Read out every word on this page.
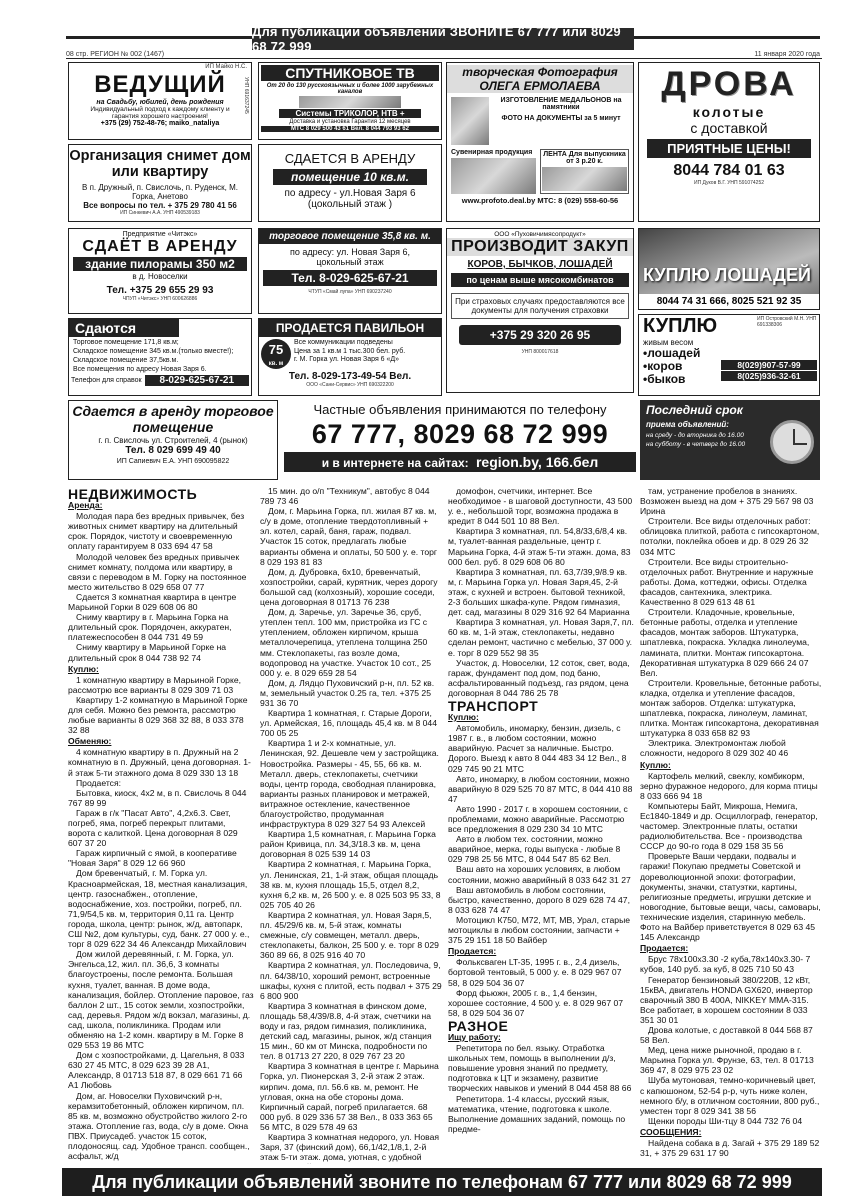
Для публикации объявлений ЗВОНИТЕ 67 777 или 8029 68 72 999
08 стр. РЕГИОН № 002 (1467)	11 января 2020 года
ИП Майко Н.С.
ВЕДУЩИЙ
на Свадьбу, юбилей, день рождения
Индивидуальный подход к каждому клиенту и гарантия хорошего настроения!
+375 (29) 752-48-76; maiko_nataliya
УНП 691637245
СПУТНИКОВОЕ ТВ
От 20 до 130 русскоязычных и более 1000 зарубежных каналов
Системы ТРИКОЛОР, НТВ +
Доставка и установка Гарантия 12 месяцев
МТС 8 029 500 43 61 Вел. 8 044 793 93 62
творческая Фотография ОЛЕГА ЕРМОЛАЕВА
ИЗГОТОВЛЕНИЕ МЕДАЛЬОНОВ на памятники
ФОТО НА ДОКУМЕНТЫ за 5 минут
Сувенирная продукция	ЛЕНТА Для выпускника от 3 р.20 к.
www.profoto.deal.by МТС: 8 (029) 558-60-56
ДРОВА
колотые
с доставкой
ПРИЯТНЫЕ ЦЕНЫ!
8044 784 01 63
ИП Дуков В.Г. УНП 591074252
Организация снимет дом или квартиру
В п. Дружный, п. Свислочь, п. Руденск, М. Горка, Анетово
Все вопросы по тел. + 375 29 780 41 56
ИП Синкевич А.А. УНП 490539183
СДАЕТСЯ В АРЕНДУ
помещение 10 кв.м.
по адресу - ул.Новая Заря 6 (цокольный этаж )
Предприятие «Читэкс»
СДАЁТ В АРЕНДУ
здание пилорамы 350 м2
в д. Новоселки
Тел. +375 29 655 29 93
ЧПУП «Читэкс» УНП 600626886
торговое помещение 35,8 кв. м.
по адресу: ул. Новая Заря 6, цокольный этаж
Тел. 8-029-625-67-21
ЧТУП «Смай лупа» УНП 690237240
ООО «Пуховичимясопродукт»
ПРОИЗВОДИТ ЗАКУП
КОРОВ, БЫЧКОВ, ЛОШАДЕЙ
по ценам выше мясокомбинатов
При страховых случаях предоставляются все документы для получения страховки
+375 29 320 26 95
УНП 800017618
КУПЛЮ ЛОШАДЕЙ
8044 74 31 666, 8025 521 92 35
Сдаются
Торговое помещение 171,8 кв.м;
Складское помещение 345 кв.м.(только вместе!);
Складское помещение 37,5кв.м.
Все помещения по адресу Новая Заря 6.
Телефон для справок	8-029-625-67-21
ПРОДАЕТСЯ ПАВИЛЬОН
75
кв. м
Все коммуникации подведены
Цена за 1 кв.м 1 тыс.300 бел. руб.
г. М. Горка ул. Новая Заря 6 «Д»
Тел. 8-029-173-49-54 Вел.
ООО «Сани-Сервис» УНП 690322200
ИП Островский М.Н. УНП 691338306
КУПЛЮ
живым весом
•лошадей
•коров
•быков
8(029)907-57-99
8(025)936-32-61
Сдается в аренду торговое помещение
г. п. Свислочь ул. Строителей, 4 (рынок)
Тел. 8 029 699 49 40
ИП Сапиевич Е.А. УНП 690095822
Частные объявления принимаются по телефону
67 777, 8029 68 72 999
и в интернете на сайтах: region.by, 166.бел
Последний срок
приема объявлений:
на среду - до вторника до 16.00
на субботу - в четверг до 16.00
НЕДВИЖИМОСТЬ
Аренда:

Молодая пара без вредных привычек, без животных снимет квартиру на длительный срок. Порядок, чистоту и своевременную оплату гарантируем 8 033 694 47 58

Молодой человек без вредных привычек снимет комнату, полдома или квартиру, в связи с переводом в М. Горку на постоянное место жительство 8 029 658 07 77

Сдается 3 комнатная квартира в центре Марьиной Горки 8 029 608 06 80

Сниму квартиру в г. Марьина Горка на длительный срок. Порядочен, аккуратен, платежеспособен 8 044 731 49 59

Сниму квартиру в Марьиной Горке на длительный срок 8 044 738 92 74

Куплю:

1 комнатную квартиру в Марьиной Горке, рассмотрю все варианты 8 029 309 71 03

Квартиру 1-2 комнатную в Марьиной Горке для себя. Можно без ремонта, рассмотрю любые варианты 8 029 368 32 88, 8 033 378 32 88

Обменяю:

4 комнатную квартиру в п. Дружный на 2 комнатную в п. Дружный, цена договорная. 1-й этаж 5-ти этажного дома 8 029 330 13 18

Продается:

Бытовка, киоск, 4х2 м, в п. Свислочь 8 044 767 89 99

Гараж в г/к "Пасат Авто", 4,2х6.3. Свет, погреб, яма, погреб перекрыт плитами, ворота с калиткой. Цена договорная 8 029 607 37 20

Гараж кирпичный с ямой, в кооперативе "Новая Заря" 8 029 12 66 960

Дом бревенчатый, г. М. Горка ул. Красноармейская, 18, местная канализация, центр. газоснабжен., отопление, водоснабжение, хоз. постройки, погреб, пл. 71,9/54,5 кв. м, территория 0,11 га. Центр города, школа, центр: рынок, ж/д, автопарк, СШ №2, дом культуры, суд, банк. 27 000 у. е., торг 8 029 622 34 46 Александр Михайлович

Дом жилой деревянный, г. М. Горка, ул. Энгельса,12, жил. пл. 36,6, 3 комнаты благоустроены, после ремонта. Большая кухня, туалет, ванная. В доме вода, канализация, бойлер. Отопление паровое, газ баллон 2 шт., 15 соток земли, хозпостройки, сад, деревья. Рядом ж/д вокзал, магазины, д. сад, школа, поликлиника. Продам или обменяю на 1-2 комн. квартиру в М. Горке 8 029 553 19 86 МТС

Дом с хозпостройками, д. Цагельня, 8 033 630 27 45 МТС, 8 029 623 39 28 А1, Александр, 8 01713 518 87, 8 029 661 71 66 А1 Любовь

Дом, аг. Новоселки Пуховичский р-н, керамзитобетонный, обложен кирпичом, пл. 85 кв. м, возможно обустройство жилого 2-го этажа. Отопление газ, вода, с/у в доме. Окна ПВХ. Приусадеб. участок 15 соток, плодоносящ. сад. Удобное трансп. сообщен., асфальт, ж/д

15 мин. до о/п "Техникум", автобус 8 044 789 73 46

Дом, г. Марьина Горка, пл. жилая 87 кв. м, с/у в доме, отопление твердотопливный + эл. котел, сарай, баня, гараж, подвал. Участок 15 соток, предлагать любые варианты обмена и оплаты, 50 500 у. е. торг 8 029 193 81 83

Дом, д. Дубровка, 6х10, бревенчатый, хозпостройки, сарай, курятник, через дорогу большой сад (колхозный), хорошие соседи, цена договорная 8 01713 76 238

Дом, д. Заречье, ул. Заречье 36, сруб, утеплен тепл. 100 мм, пристройка из ГС с утеплением, обложен кирпичом, крыша металлочерепица, утеплена толщина 250 мм. Стеклопакеты, газ возле дома, водопровод на участке. Участок 10 сот., 25 000 у. е. 8 029 659 28 54

Дом, д. Лядцо Пуховичский р-н, пл. 52 кв. м, земельный участок 0.25 га, тел. +375 25 931 36 70

Квартира 1 комнатная, г. Старые Дороги, ул. Армейская, 16, площадь 45,4 кв. м 8 044 700 05 25

Квартира 1 и 2-х комнатные, ул. Ленинская, 92. Дешевле чем у застройщика. Новостройка. Размеры - 45, 55, 66 кв. м. Металл. дверь, стеклопакеты, счетчики воды, центр города, свободная планировка, варианты разных планировок и метражей, витражное остекление, качественное благоустройство, продуманная инфраструктура 8 029 327 54 93 Алексей

Квартира 1,5 комнатная, г. Марьина Горка район Кривица, пл. 34,3/18.3 кв. м, цена договорная 8 025 539 14 03

Квартира 2 комнатная, г. Марьина Горка, ул. Ленинская, 21, 1-й этаж, общая площадь 38 кв. м, кухня площадь 15,5, отдел 8,2, кухня 6,2 кв. м, 26 500 у. е. 8 025 503 95 33, 8 025 705 40 26

Квартира 2 комнатная, ул. Новая Заря,5, пл. 45/29/6 кв. м, 5-й этаж, комнаты смежные, с/у совмещен, металл. дверь, стеклопакеты, балкон, 25 500 у. е. торг 8 029 360 89 66, 8 025 916 40 70

Квартира 2 комнатная, ул. Последовича, 9, пл. 64/38/10, хороший ремонт, встроенные шкафы, кухня с плитой, есть подвал + 375 29 6 800 900

Квартира 3 комнатная в финском доме, площадь 58,4/39/8.8, 4-й этаж, счетчики на воду и газ, рядом гимназия, поликлиника, детский сад, магазины, рынок, ж/д станция 15 мин., 60 км от Минска, подробности по тел. 8 01713 27 220, 8 029 767 23 20

Квартира 3 комнатная в центре г. Марьина Горка, ул. Пионерская 3, 2-й этаж 2 этаж. кирпич. дома, пл. 56.6 кв. м, ремонт. Не угловая, окна на обе стороны дома. Кирпичный сарай, погреб прилагается. 68 000 руб. 8 029 336 57 38 Вел., 8 033 363 65 56 МТС, 8 029 578 49 63

Квартира 3 комнатная недорого, ул. Новая Заря, 37 (финский дом), 66,1/42,1/8,1, 2-й этаж 5-ти этаж. дома, уютная, с удобной

домофон, счетчики, интернет. Все необходимое - в шаговой доступности, 43 500 у. е., небольшой торг, возможна продажа в кредит 8 044 501 10 88 Вел.

Квартира 3 комнатная, пл. 54,8/33,6/8,4 кв. м, туалет-ванная раздельные, центр г. Марьина Горка, 4-й этаж 5-ти этажн. дома, 83 000 бел. руб. 8 029 608 06 80

Квартира 3 комнатная, пл. 63,7/39,9/8.9 кв. м, г. Марьина Горка ул. Новая Заря,45, 2-й этаж, с кухней и встроен. бытовой техникой, 2-3 больших шкафа-купе. Рядом гимназия, дет. сад, магазины 8 029 316 92 64 Марианна

Квартира 3 комнатная, ул. Новая Заря,7, пл. 60 кв. м, 1-й этаж, стеклопакеты, недавно сделан ремонт, частично с мебелью, 37 000 у. е. торг 8 029 552 98 35

Участок, д. Новоселки, 12 соток, свет, вода, гараж, фундамент под дом, под баню, асфальтированный подъезд, газ рядом, цена договорная 8 044 786 25 78

ТРАНСПОРТ
Куплю:

Автомобиль, иномарку, бензин, дизель, с 1987 г. в., в любом состоянии, можно аварийную. Расчет за наличные. Быстро. Дорого. Выезд к авто 8 044 483 34 12 Вел., 8 029 745 90 21 МТС

Авто, иномарку, в любом состоянии, можно аварийную 8 029 525 70 87 МТС, 8 044 410 88 47

Авто 1990 - 2017 г. в хорошем состоянии, с проблемами, можно аварийные. Рассмотрю все предложения 8 029 230 34 10 МТС

Авто в любом тех. состоянии, можно аварийное, мерка, годы выпуска - любые 8 029 798 25 56 МТС, 8 044 547 85 62 Вел.

Ваш авто на хороших условиях, в любом состоянии, можно аварийный 8 033 642 31 27

Ваш автомобиль в любом состоянии, быстро, качественно, дорого 8 029 628 74 47, 8 033 628 74 47

Мотоцикл К750, М72, МТ, МВ, Урал, старые мотоциклы в любом состоянии, запчасти + 375 29 151 18 50 Вайбер

Продается:

Фольксваген LT-35, 1995 г. в., 2,4 дизель, бортовой тентовый, 5 000 у. е. 8 029 967 07 58, 8 029 504 36 07

Форд фьюжн, 2005 г. в., 1,4 бензин, хорошее состояние, 4 500 у. е. 8 029 967 07 58, 8 029 504 36 07

РАЗНОЕ
Ищу работу:

Репетитора по бел. языку. Отработка школьных тем, помощь в выполнении д/з, повышение уровня знаний по предмету, подготовка к ЦТ и экзамену, развитие творческих навыков и умений 8 044 458 88 66

Репетитора. 1-4 классы, русский язык, математика, чтение, подготовка к школе. Выполнение домашних заданий, помощь по предме-

там, устранение пробелов в знаниях. Возможен выезд на дом + 375 29 567 98 03 Ирина

Строители. Все виды отделочных работ: облицовка плиткой, работа с гипсокартоном, потолки, поклейка обоев и др. 8 029 26 32 034 МТС

Строители. Все виды строительно-отделочных работ. Внутренние и наружные работы. Дома, коттеджи, офисы. Отделка фасадов, сантехника, электрика. Качественно 8 029 613 48 61

Строители. Кладочные, кровельные, бетонные работы, отделка и утепление фасадов, монтаж заборов. Штукатурка, шпатлевка, покраска. Укладка линолеума, ламината, плитки. Монтаж гипсокартона. Декоративная штукатурка 8 029 666 24 07 Вел.

Строители. Кровельные, бетонные работы, кладка, отделка и утепление фасадов, монтаж заборов. Отделка: штукатурка, шпатлевка, покраска, линолеум, ламинат, плитка. Монтаж гипсокартона, декоративная штукатурка 8 033 658 82 93

Электрика. Электромонтаж любой сложности, недорого 8 029 302 40 46

Куплю:

Картофель мелкий, свеклу, комбикорм, зерно фуражное недорого, для корма птицы 8 033 666 94 18

Компьютеры Байт, Микроша, Немига, Ес1840-1849 и др. Осциллограф, генератор, частомер. Электронные платы, остатки радиолюбительства. Все - производства СССР до 90-го года 8 029 158 35 56

Проверьте Ваши чердаки, подвалы и гаражи! Покупаю предметы Советской и дореволюционной эпохи: фотографии, документы, значки, статуэтки, картины, религиозные предметы, игрушки детские и новогодние, бытовые вещи, часы, самовары, технические изделия, старинную мебель. Фото на Вайбер приветствуется 8 029 63 45 145 Александр

Продается:

Брус 78х100х3.30 -2 куба,78х140х3.30- 7 кубов, 140 руб. за куб, 8 025 710 50 43

Генератор бензиновый 380/220В, 12 кВт, 15кВА, двигатель HONDA GX620, инвертор сварочный 380 В 400А, NIKKEY MMA-315. Все работает, в хорошем состоянии 8 033 351 30 01

Дрова колотые, с доставкой 8 044 568 87 58 Вел.

Мед, цена ниже рыночной, продаю в г. Марьина Горка ул. Фрунзе, 63, тел. 8 01713 369 47, 8 029 975 23 02

Шуба мутоновая, темно-коричневый цвет, с капюшоном, 52-54 р-р, чуть ниже колен, немного б/у, в отличном состоянии, 800 руб., уместен торг 8 029 341 38 56

Щенки породы Ши-тцу 8 044 732 76 04

СООБЩЕНИЯ:

Найдена собака в д. Загай + 375 29 189 52 31, + 375 29 631 17 90

Для публикации объявлений звоните по телефонам 67 777 или 8029 68 72 999
